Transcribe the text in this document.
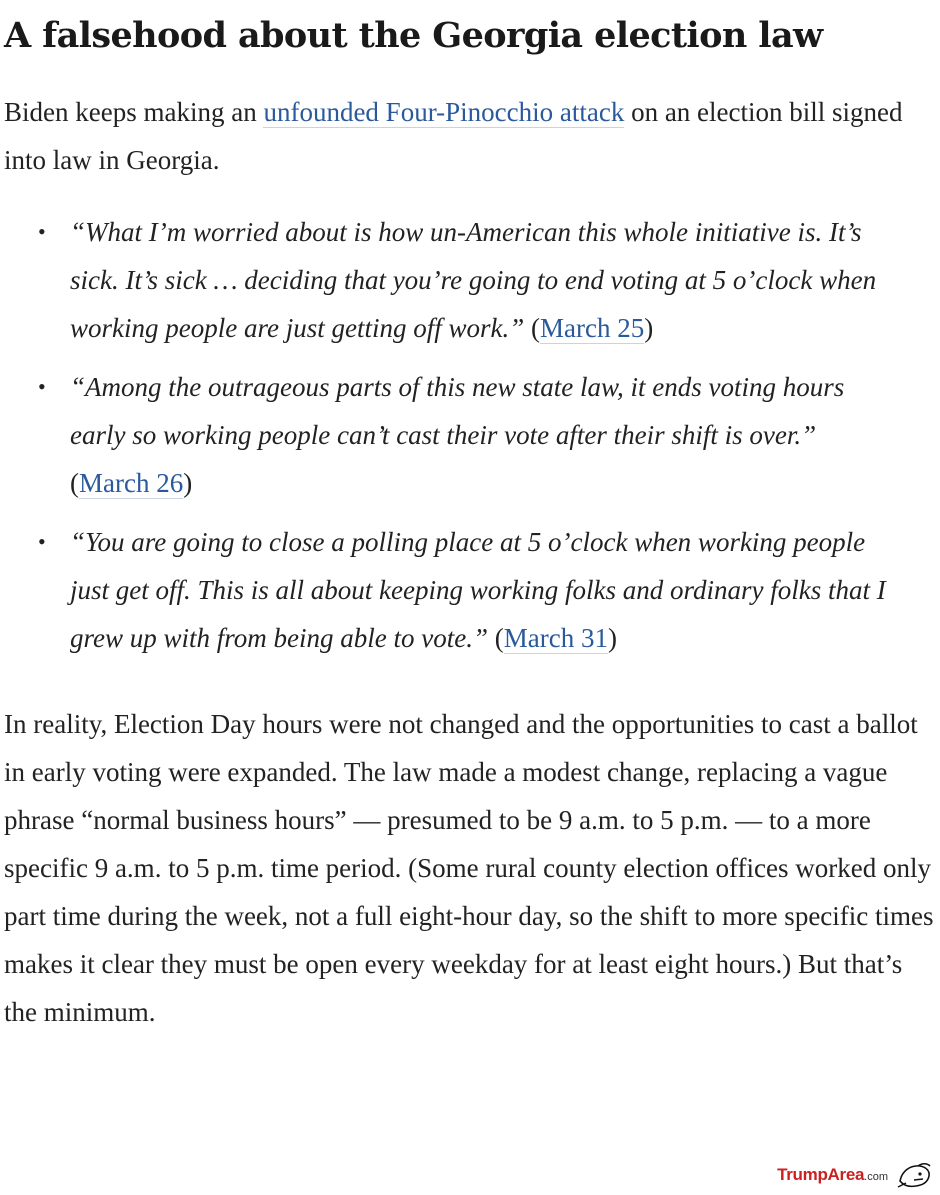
A falsehood about the Georgia election law

Biden keeps making an unfounded Four-Pinocchio attack on an election bill signed into law in Georgia.

• “What I’m worried about is how un-American this whole initiative is. It’s sick. It’s sick … deciding that you’re going to end voting at 5 o’clock when working people are just getting off work.” (March 25)
• “Among the outrageous parts of this new state law, it ends voting hours early so working people can’t cast their vote after their shift is over.” (March 26)
• “You are going to close a polling place at 5 o’clock when working people just get off. This is all about keeping working folks and ordinary folks that I grew up with from being able to vote.” (March 31)

In reality, Election Day hours were not changed and the opportunities to cast a ballot in early voting were expanded. The law made a modest change, replacing a vague phrase “normal business hours” — presumed to be 9 a.m. to 5 p.m. — to a more specific 9 a.m. to 5 p.m. time period. (Some rural county election offices worked only part time during the week, not a full eight-hour day, so the shift to more specific times makes it clear they must be open every weekday for at least eight hours.) But that’s the minimum.

TrumpArea .com
